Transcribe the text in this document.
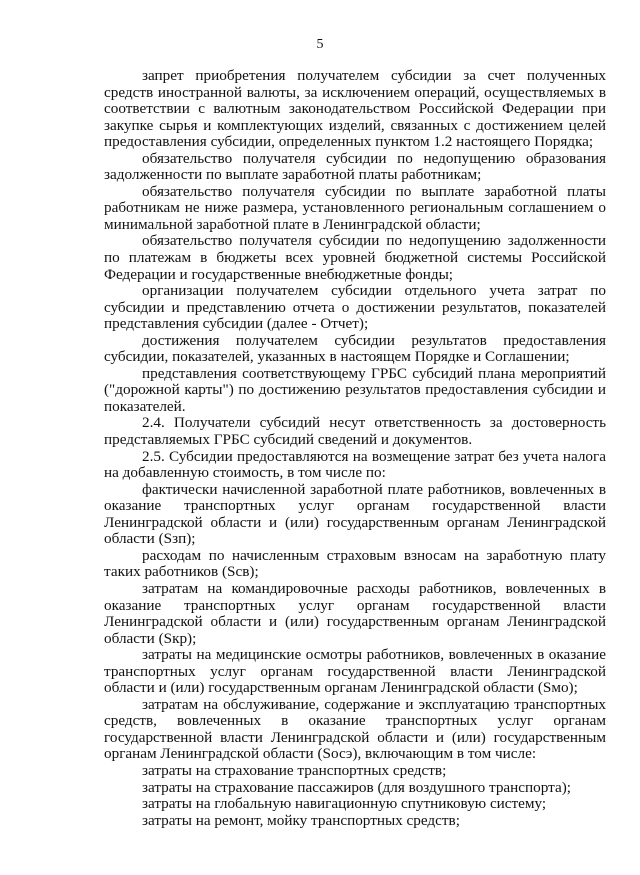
5

запрет приобретения получателем субсидии за счет полученных средств иностранной валюты, за исключением операций, осуществляемых в соответствии с валютным законодательством Российской Федерации при закупке сырья и комплектующих изделий, связанных с достижением целей предоставления субсидии, определенных пунктом 1.2 настоящего Порядка;

обязательство получателя субсидии по недопущению образования задолженности по выплате заработной платы работникам;

обязательство получателя субсидии по выплате заработной платы работникам не ниже размера, установленного региональным соглашением о минимальной заработной плате в Ленинградской области;

обязательство получателя субсидии по недопущению задолженности по платежам в бюджеты всех уровней бюджетной системы Российской Федерации и государственные внебюджетные фонды;

организации получателем субсидии отдельного учета затрат по субсидии и представлению отчета о достижении результатов, показателей представления субсидии (далее - Отчет);

достижения получателем субсидии результатов предоставления субсидии, показателей, указанных в настоящем Порядке и Соглашении;

представления соответствующему ГРБС субсидий плана мероприятий ("дорожной карты") по достижению результатов предоставления субсидии и показателей.

2.4. Получатели субсидий несут ответственность за достоверность представляемых ГРБС субсидий сведений и документов.

2.5. Субсидии предоставляются на возмещение затрат без учета налога на добавленную стоимость, в том числе по:

фактически начисленной заработной плате работников, вовлеченных в оказание транспортных услуг органам государственной власти Ленинградской области и (или) государственным органам Ленинградской области (Sзп);

расходам по начисленным страховым взносам на заработную плату таких работников (Sсв);

затратам на командировочные расходы работников, вовлеченных в оказание транспортных услуг органам государственной власти Ленинградской области и (или) государственным органам Ленинградской области (Sкр);

затраты на медицинские осмотры работников, вовлеченных в оказание транспортных услуг органам государственной власти Ленинградской области и (или) государственным органам Ленинградской области (Sмо);

затратам на обслуживание, содержание и эксплуатацию транспортных средств, вовлеченных в оказание транспортных услуг органам государственной власти Ленинградской области и (или) государственным органам Ленинградской области (Sосэ), включающим в том числе:

затраты на страхование транспортных средств;

затраты на страхование пассажиров (для воздушного транспорта);

затраты на глобальную навигационную спутниковую систему;

затраты на ремонт, мойку транспортных средств;
